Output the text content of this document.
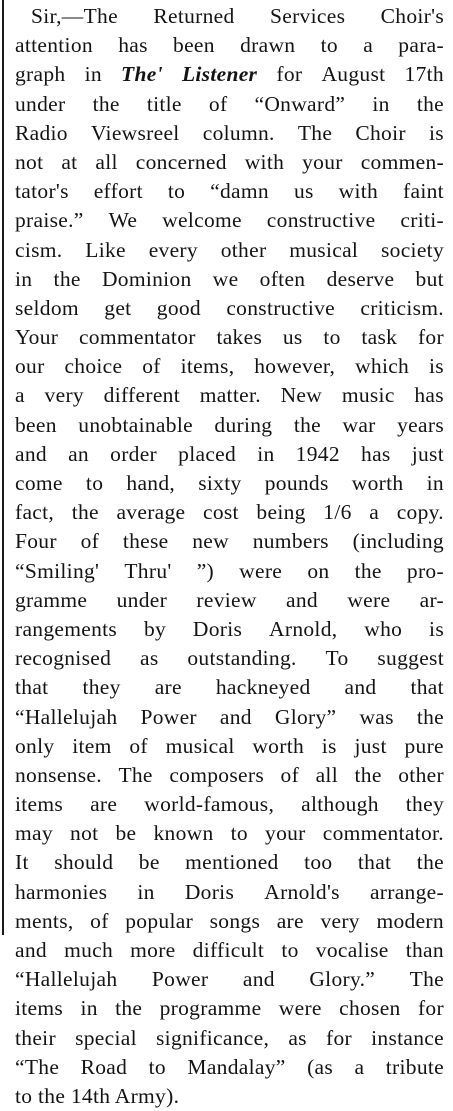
Sir,—The Returned Services Choir's
attention has been drawn to a para-
graph in The' Listener for August 17th
under the title of “Onward” in the
Radio Viewsreel column. The Choir is
not at all concerned with your commen-
tator's effort to “damn us with faint
praise.” We welcome constructive criti-
cism. Like every other musical society
in the Dominion we often deserve but
seldom get good constructive criticism.
Your commentator takes us to task for
our choice of items, however, which is
a very different matter. New music has
been unobtainable during the war years
and an order placed in 1942 has just
come to hand, sixty pounds worth in
fact, the average cost being 1/6 a copy.
Four of these new numbers (including
“Smiling' Thru' ”) were on the pro-
gramme under review and were ar-
rangements by Doris Arnold, who is
recognised as outstanding. To suggest
that they are hackneyed and that
“Hallelujah Power and Glory” was the
only item of musical worth is just pure
nonsense. The composers of all the other
items are world-famous, although they
may not be known to your commentator.
It should be mentioned too that the
harmonies in Doris Arnold's arrange-
ments, of popular songs are very modern
and much more difficult to vocalise than
“Hallelujah Power and Glory.” The
items in the programme were chosen for
their special significance, as for instance
“The Road to Mandalay” (as a tribute
to the 14th Army).
